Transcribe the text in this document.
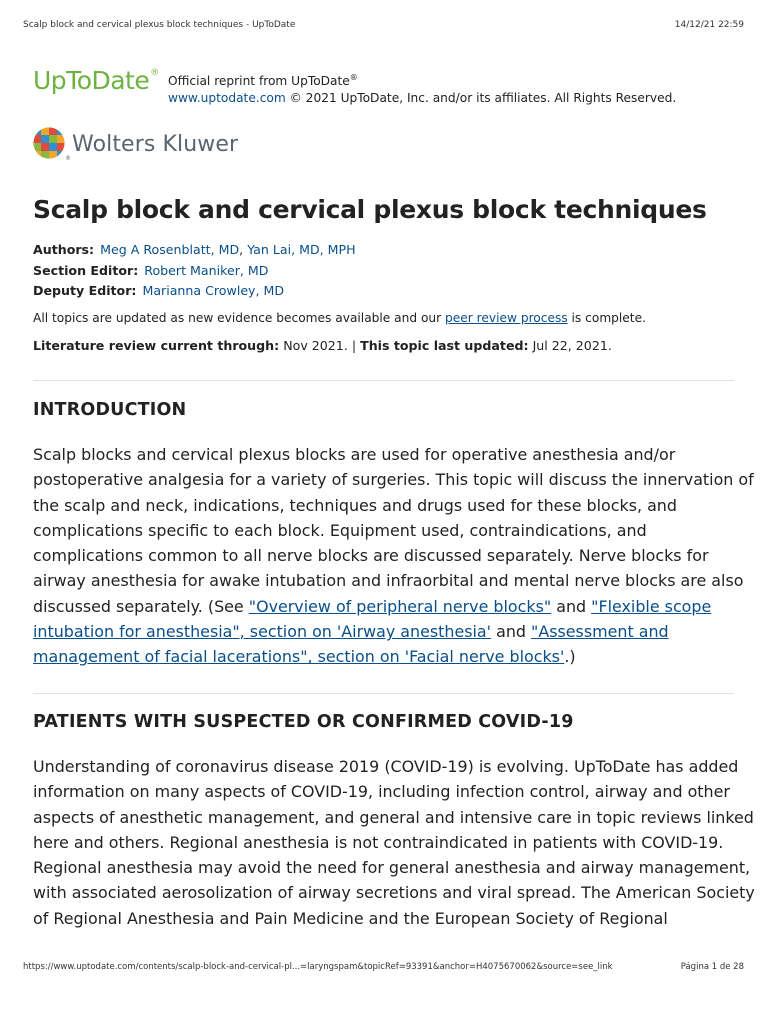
Scalp block and cervical plexus block techniques - UpToDate	14/12/21 22:59
UpToDate®
Official reprint from UpToDate®
www.uptodate.com © 2021 UpToDate, Inc. and/or its affiliates. All Rights Reserved.
®
Wolters Kluwer
Scalp block and cervical plexus block techniques
Authors: Meg A Rosenblatt, MD, Yan Lai, MD, MPH
Section Editor: Robert Maniker, MD
Deputy Editor: Marianna Crowley, MD
All topics are updated as new evidence becomes available and our peer review process is complete.
Literature review current through: Nov 2021. | This topic last updated: Jul 22, 2021.
INTRODUCTION
Scalp blocks and cervical plexus blocks are used for operative anesthesia and/or
postoperative analgesia for a variety of surgeries. This topic will discuss the innervation of
the scalp and neck, indications, techniques and drugs used for these blocks, and
complications specific to each block. Equipment used, contraindications, and
complications common to all nerve blocks are discussed separately. Nerve blocks for
airway anesthesia for awake intubation and infraorbital and mental nerve blocks are also
discussed separately. (See "Overview of peripheral nerve blocks" and "Flexible scope
intubation for anesthesia", section on 'Airway anesthesia' and "Assessment and
management of facial lacerations", section on 'Facial nerve blocks'.)
PATIENTS WITH SUSPECTED OR CONFIRMED COVID-19
Understanding of coronavirus disease 2019 (COVID-19) is evolving. UpToDate has added
information on many aspects of COVID-19, including infection control, airway and other
aspects of anesthetic management, and general and intensive care in topic reviews linked
here and others. Regional anesthesia is not contraindicated in patients with COVID-19.
Regional anesthesia may avoid the need for general anesthesia and airway management,
with associated aerosolization of airway secretions and viral spread. The American Society
of Regional Anesthesia and Pain Medicine and the European Society of Regional
https://www.uptodate.com/contents/scalp-block-and-cervical-pl...=laryngspam&topicRef=93391&anchor=H4075670062&source=see_link	Página 1 de 28
